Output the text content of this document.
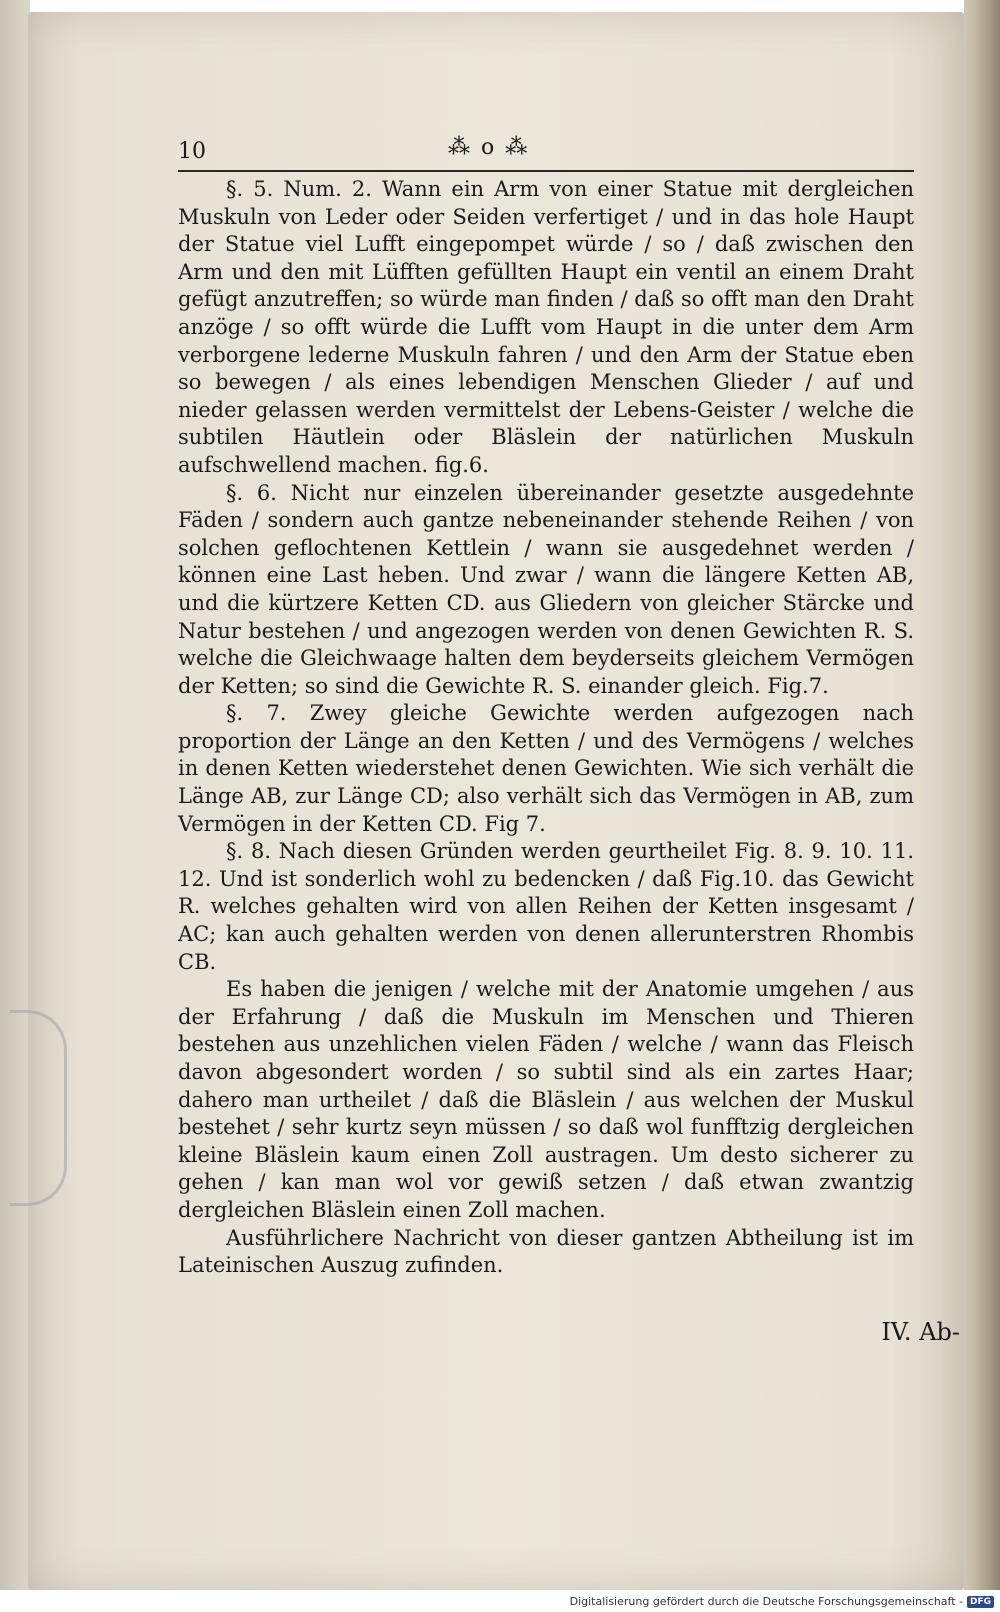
10	⁂ o ⁂

§. 5. Num. 2. Wann ein Arm von einer Statue mit dergleichen Muskuln von Leder oder Seiden verfertiget / und in das hole Haupt der Statue viel Lufft eingepompet würde / so / daß zwischen den Arm und den mit Lüfften gefüllten Haupt ein ventil an einem Draht gefügt anzutreffen; so würde man finden / daß so offt man den Draht anzöge / so offt würde die Lufft vom Haupt in die unter dem Arm verborgene lederne Muskuln fahren / und den Arm der Statue eben so bewegen / als eines lebendigen Menschen Glieder / auf und nieder gelassen werden vermittelst der Lebens-Geister / welche die subtilen Häutlein oder Bläslein der natürlichen Muskuln aufschwellend machen. fig.6.

§. 6. Nicht nur einzelen übereinander gesetzte ausgedehnte Fäden / sondern auch gantze nebeneinander stehende Reihen / von solchen geflochtenen Kettlein / wann sie ausgedehnet werden / können eine Last heben. Und zwar / wann die längere Ketten AB, und die kürtzere Ketten CD. aus Gliedern von gleicher Stärcke und Natur bestehen / und angezogen werden von denen Gewichten R. S. welche die Gleichwaage halten dem beyderseits gleichem Vermögen der Ketten; so sind die Gewichte R. S. einander gleich. Fig.7.

§. 7. Zwey gleiche Gewichte werden aufgezogen nach proportion der Länge an den Ketten / und des Vermögens / welches in denen Ketten wiederstehet denen Gewichten. Wie sich verhält die Länge AB, zur Länge CD; also verhält sich das Vermögen in AB, zum Vermögen in der Ketten CD. Fig 7.

§. 8. Nach diesen Gründen werden geurtheilet Fig. 8. 9. 10. 11. 12. Und ist sonderlich wohl zu bedencken / daß Fig.10. das Gewicht R. welches gehalten wird von allen Reihen der Ketten insgesamt / AC; kan auch gehalten werden von denen allerunterstren Rhombis CB.

Es haben die jenigen / welche mit der Anatomie umgehen / aus der Erfahrung / daß die Muskuln im Menschen und Thieren bestehen aus unzehlichen vielen Fäden / welche / wann das Fleisch davon abgesondert worden / so subtil sind als ein zartes Haar; dahero man urtheilet / daß die Bläslein / aus welchen der Muskul bestehet / sehr kurtz seyn müssen / so daß wol funfftzig dergleichen kleine Bläslein kaum einen Zoll austragen. Um desto sicherer zu gehen / kan man wol vor gewiß setzen / daß etwan zwantzig dergleichen Bläslein einen Zoll machen.

Ausführlichere Nachricht von dieser gantzen Abtheilung ist im Lateinischen Auszug zufinden.

IV. Ab-
Digitalisierung gefördert durch die Deutsche Forschungsgemeinschaft - DFG
